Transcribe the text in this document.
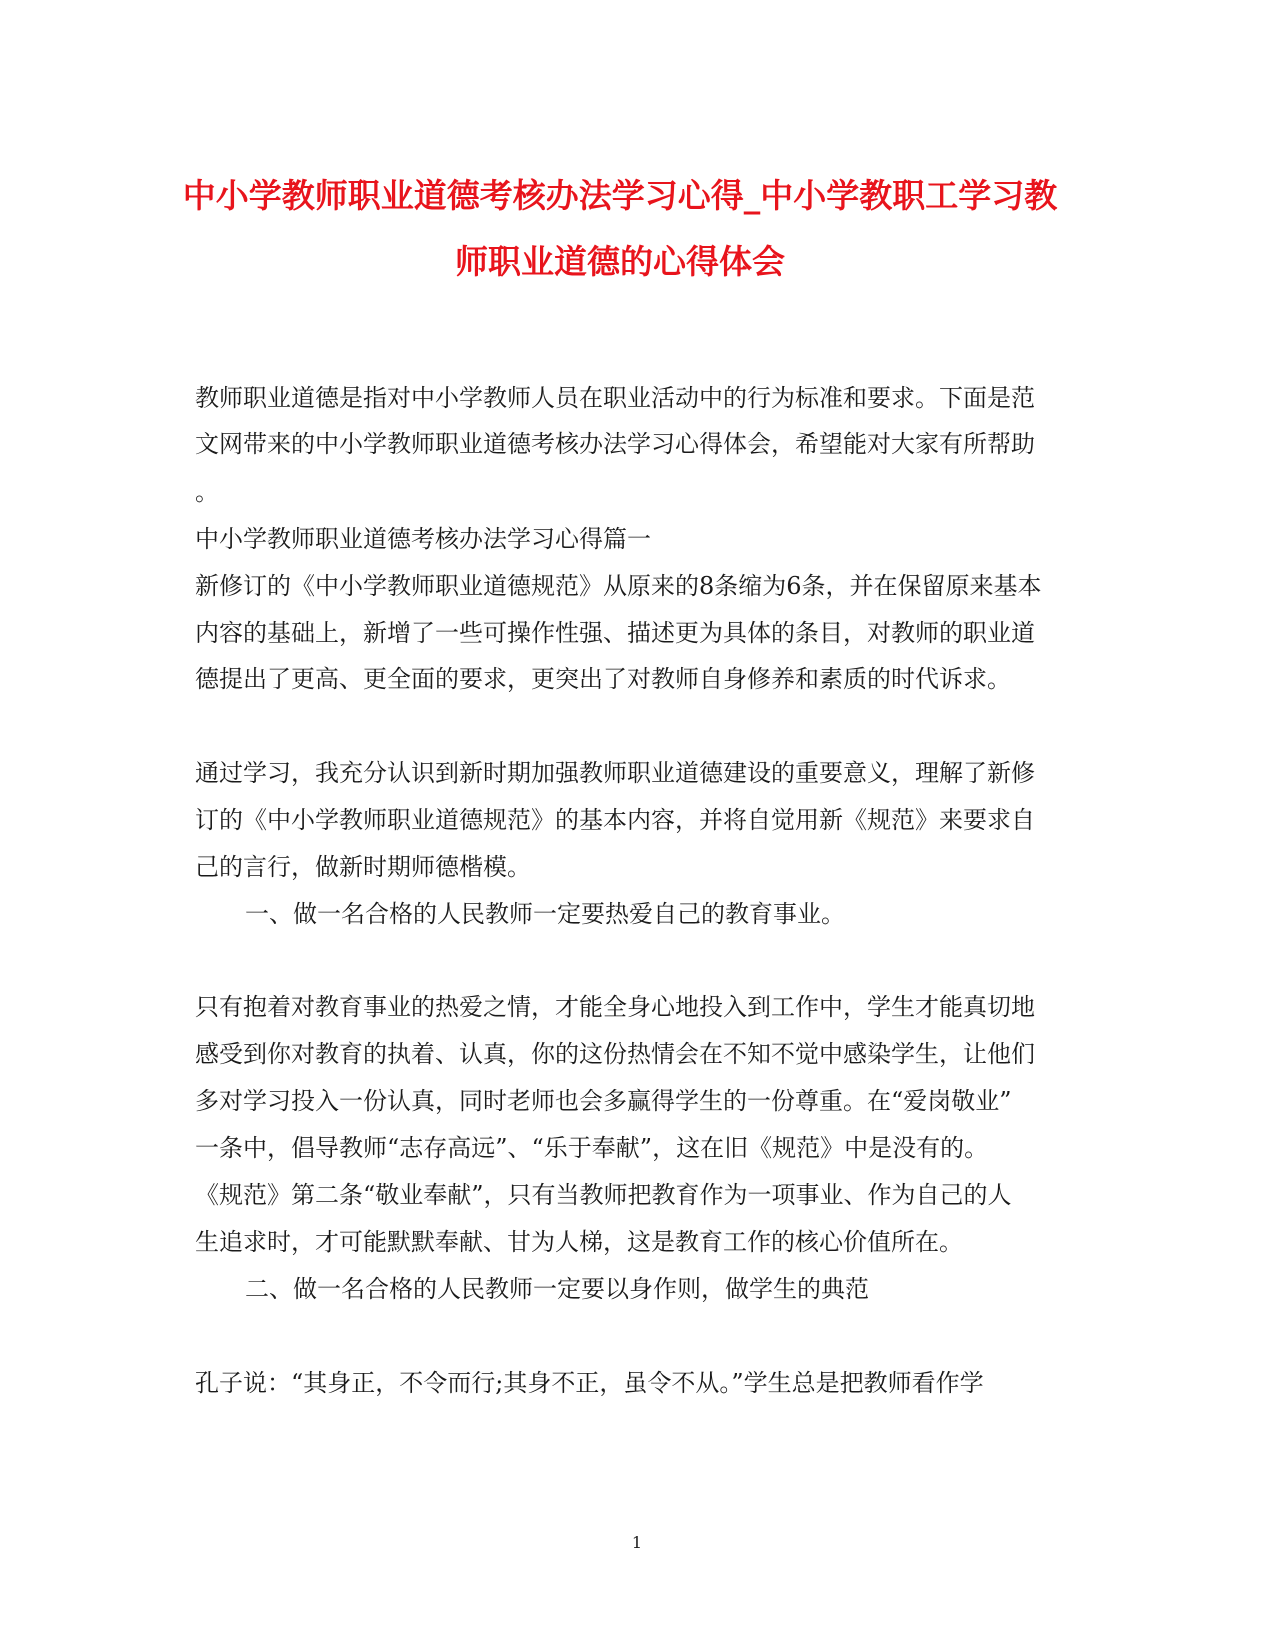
中小学教师职业道德考核办法学习心得_中小学教职工学习教
师职业道德的心得体会

教师职业道德是指对中小学教师人员在职业活动中的行为标准和要求。下面是范

文网带来的中小学教师职业道德考核办法学习心得体会，希望能对大家有所帮助

。

中小学教师职业道德考核办法学习心得篇一

新修订的《中小学教师职业道德规范》从原来的8条缩为6条，并在保留原来基本

内容的基础上，新增了一些可操作性强、描述更为具体的条目，对教师的职业道

德提出了更高、更全面的要求，更突出了对教师自身修养和素质的时代诉求。

通过学习，我充分认识到新时期加强教师职业道德建设的重要意义，理解了新修

订的《中小学教师职业道德规范》的基本内容，并将自觉用新《规范》来要求自

己的言行，做新时期师德楷模。

一、做一名合格的人民教师一定要热爱自己的教育事业。

只有抱着对教育事业的热爱之情，才能全身心地投入到工作中，学生才能真切地

感受到你对教育的执着、认真，你的这份热情会在不知不觉中感染学生，让他们

多对学习投入一份认真，同时老师也会多赢得学生的一份尊重。在“爱岗敬业”

一条中，倡导教师“志存高远”、“乐于奉献”，这在旧《规范》中是没有的。

《规范》第二条“敬业奉献”，只有当教师把教育作为一项事业、作为自己的人

生追求时，才可能默默奉献、甘为人梯，这是教育工作的核心价值所在。

二、做一名合格的人民教师一定要以身作则，做学生的典范

孔子说：“其身正，不令而行;其身不正，虽令不从。”学生总是把教师看作学

1
